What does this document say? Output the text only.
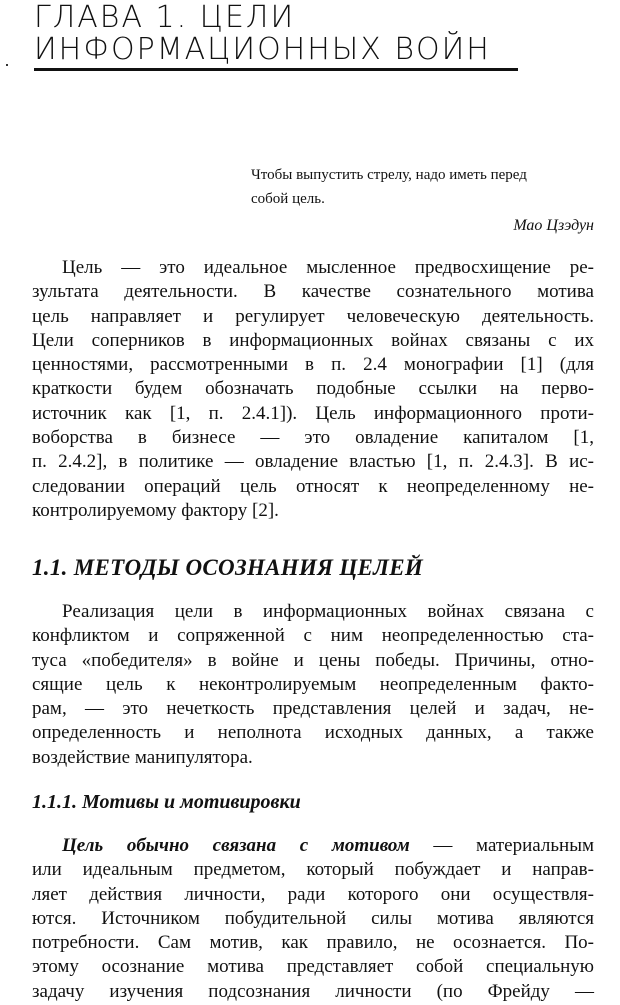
ГЛАВА 1. ЦЕЛИ
ИНФОРМАЦИОННЫХ ВОЙН
Чтобы выпустить стрелу, надо иметь перед
собой цель.
Мао Цзэдун
Цель — это идеальное мысленное предвосхищение ре-
зультата деятельности. В качестве сознательного мотива
цель направляет и регулирует человеческую деятельность.
Цели соперников в информационных войнах связаны с их
ценностями, рассмотренными в п. 2.4 монографии [1] (для
краткости будем обозначать подобные ссылки на перво-
источник как [1, п. 2.4.1]). Цель информационного проти-
воборства в бизнесе — это овладение капиталом [1,
п. 2.4.2], в политике — овладение властью [1, п. 2.4.3]. В ис-
следовании операций цель относят к неопределенному не-
контролируемому фактору [2].
1.1. МЕТОДЫ ОСОЗНАНИЯ ЦЕЛЕЙ
Реализация цели в информационных войнах связана с
конфликтом и сопряженной с ним неопределенностью ста-
туса «победителя» в войне и цены победы. Причины, отно-
сящие цель к неконтролируемым неопределенным факто-
рам, — это нечеткость представления целей и задач, не-
определенность и неполнота исходных данных, а также
воздействие манипулятора.
1.1.1. Мотивы и мотивировки
Цель обычно связана с мотивом — материальным
или идеальным предметом, который побуждает и направ-
ляет действия личности, ради которого они осуществля-
ются. Источником побудительной силы мотива являются
потребности. Сам мотив, как правило, не осознается. По-
этому осознание мотива представляет собой специальную
задачу изучения подсознания личности (по Фрейду —
